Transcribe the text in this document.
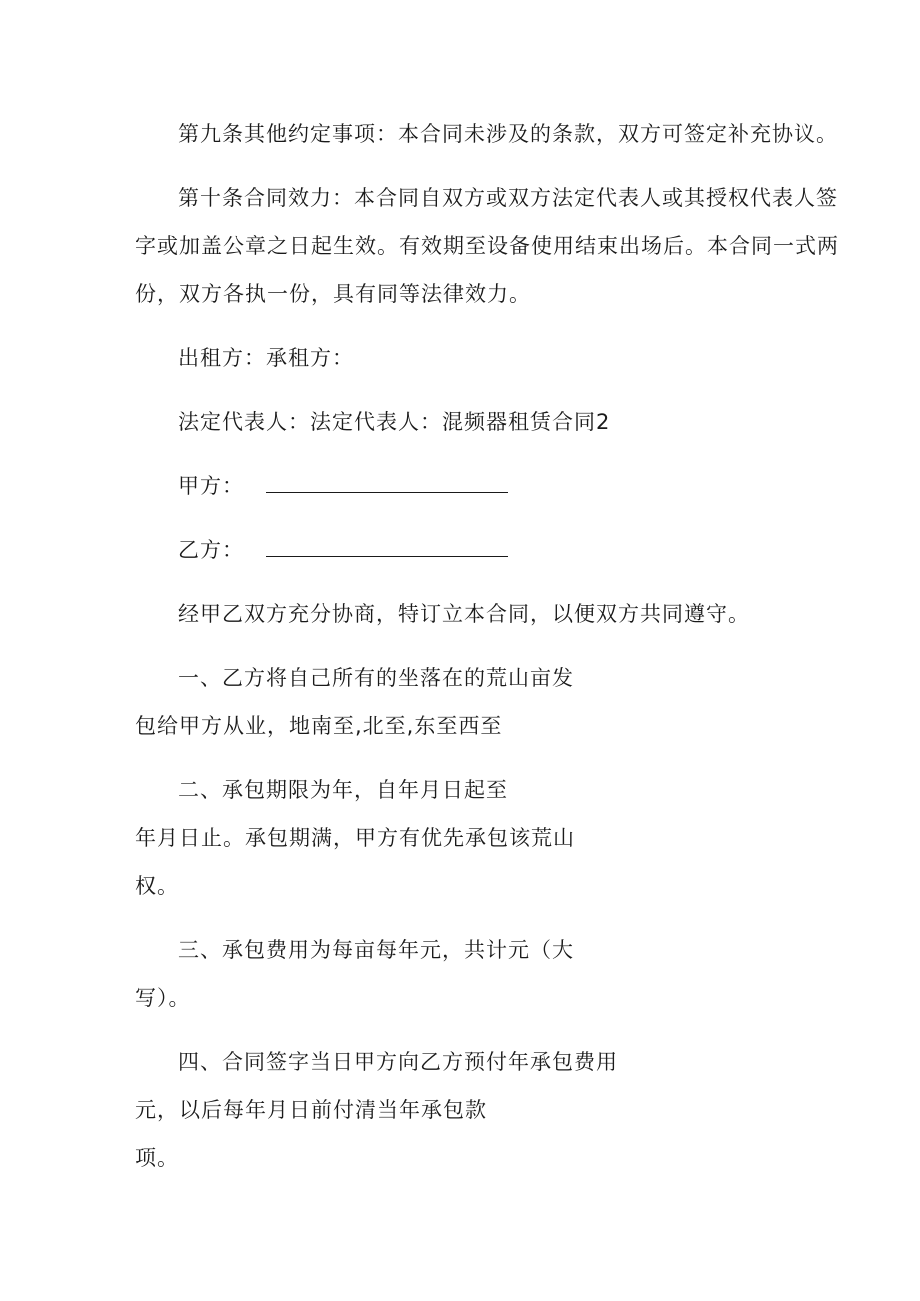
第九条其他约定事项：本合同未涉及的条款，双方可签定补充协议。
第十条合同效力：本合同自双方或双方法定代表人或其授权代表人签
字或加盖公章之日起生效。有效期至设备使用结束出场后。本合同一式两
份，双方各执一份，具有同等法律效力。
出租方：承租方：
法定代表人：法定代表人：混频器租赁合同2
甲方：
乙方：
经甲乙双方充分协商，特订立本合同，以便双方共同遵守。
一、乙方将自己所有的坐落在的荒山亩发
包给甲方从业，地南至,北至,东至西至
二、承包期限为年，自年月日起至
年月日止。承包期满，甲方有优先承包该荒山
权。
三、承包费用为每亩每年元，共计元（大
写）。
四、合同签字当日甲方向乙方预付年承包费用
元，以后每年月日前付清当年承包款
项。
